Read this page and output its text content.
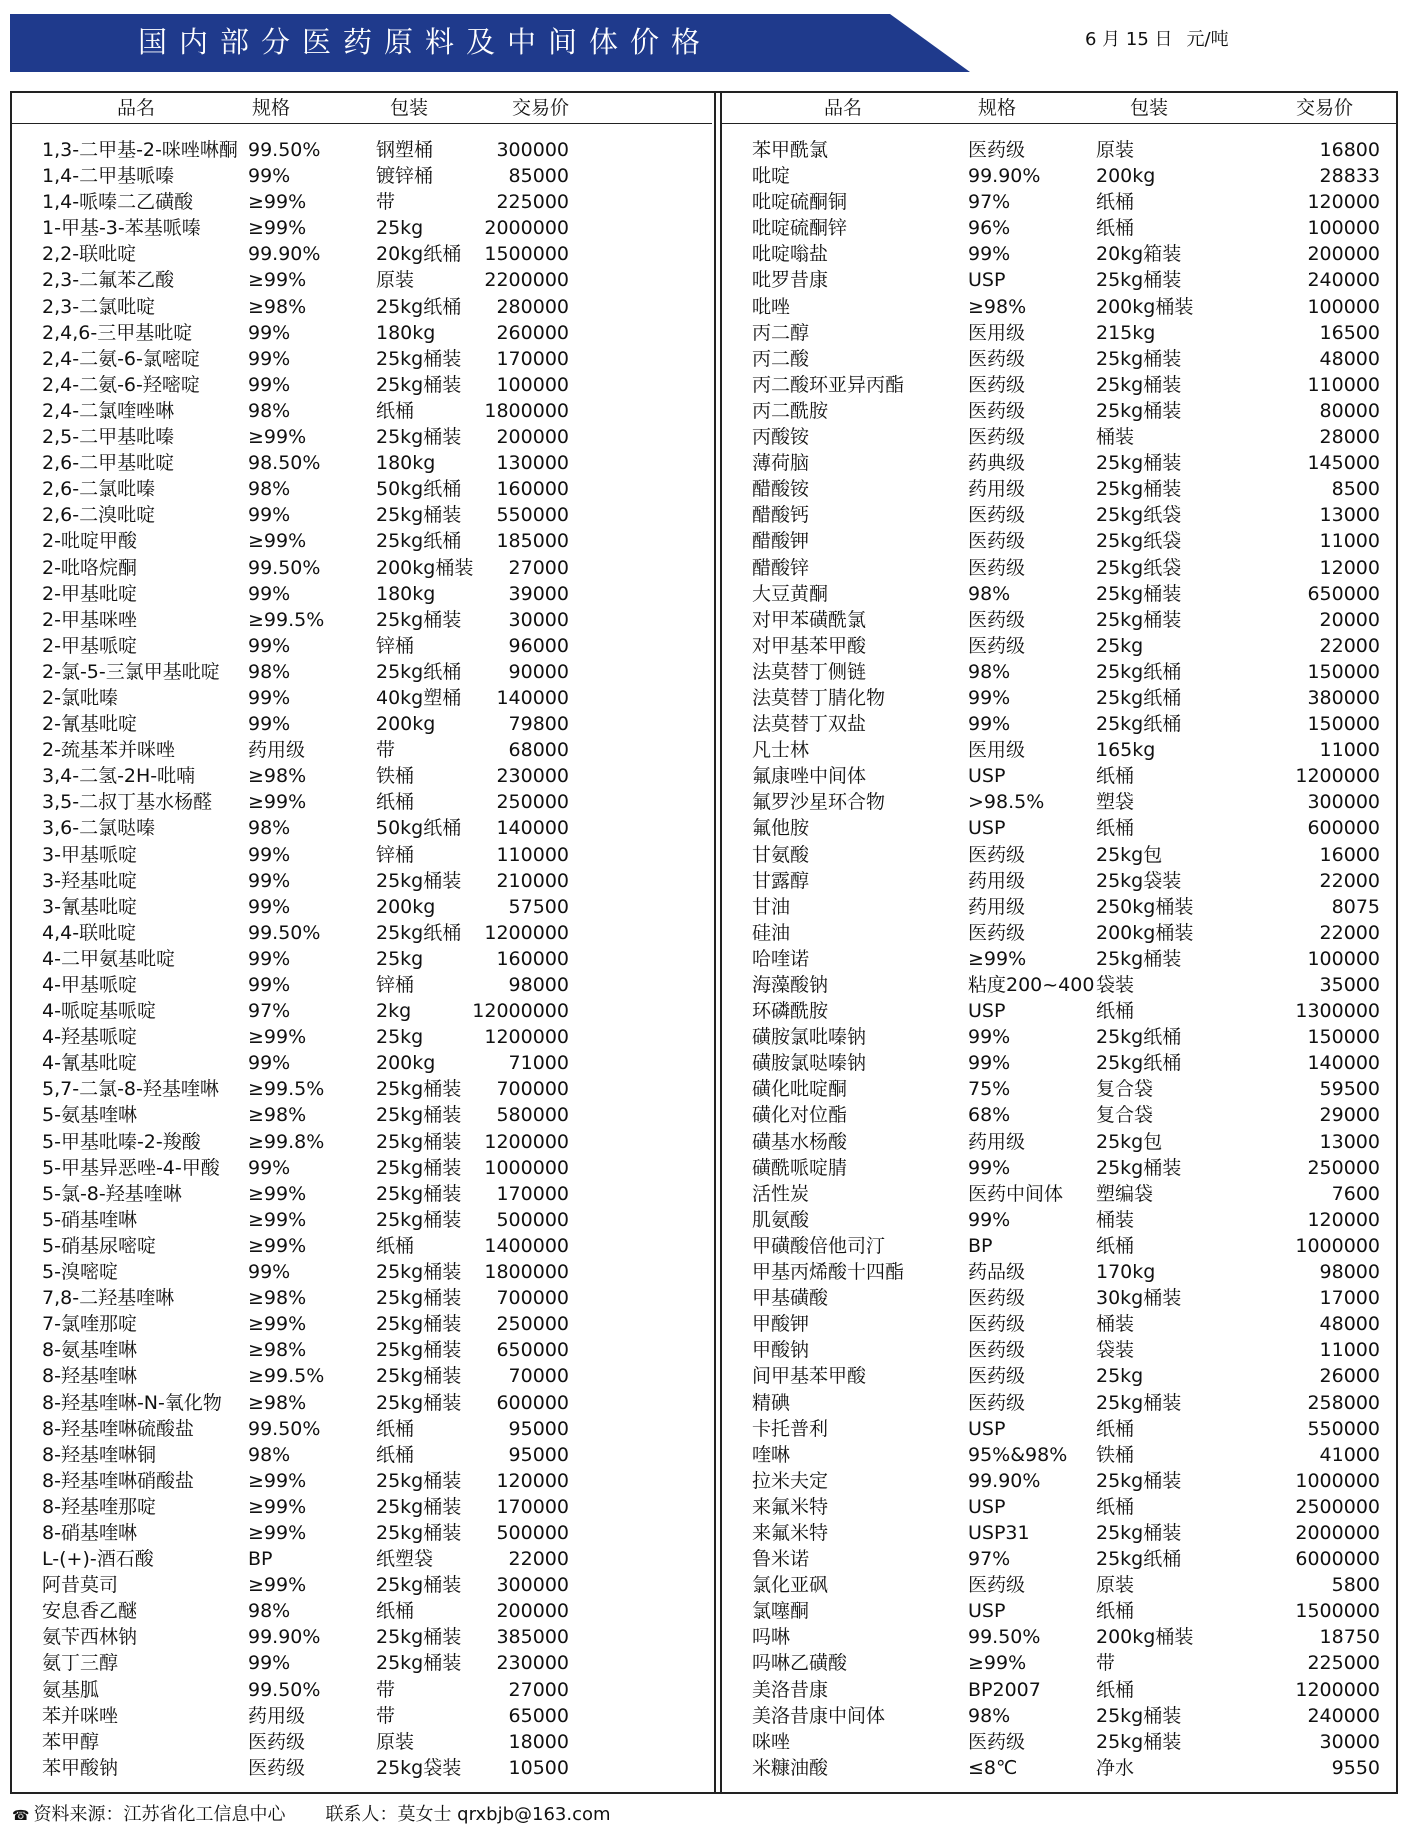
国内部分医药原料及中间体价格	6 月 15 日 元/吨
品名	规格	包装	交易价
1,3-二甲基-2-咪唑啉酮 99.50%	钢塑桶	300000
1,4-二甲基哌嗪	99%	镀锌桶	85000
1,4-哌嗪二乙磺酸	≥99%	带	225000
1-甲基-3-苯基哌嗪 ≥99%	25kg	2000000
2,2-联吡啶	99.90%	20kg纸桶 1500000
2,3-二氟苯乙酸	≥99%	原装	2200000
2,3-二氯吡啶	≥98%	25kg纸桶 280000
2,4,6-三甲基吡啶	99%	180kg	260000
2,4-二氨-6-氯嘧啶	99%	25kg桶装 170000
2,4-二氨-6-羟嘧啶	99%	25kg桶装 100000
2,4-二氯喹唑啉	98%	纸桶	1800000
2,5-二甲基吡嗪	≥99%	25kg桶装 200000
2,6-二甲基吡啶	98.50%	180kg	130000
2,6-二氯吡嗪	98%	50kg纸桶 160000
2,6-二溴吡啶	99%	25kg桶装 550000
2-吡啶甲酸	≥99%	25kg纸桶 185000
2-吡咯烷酮	99.50%	200kg桶装 27000
2-甲基吡啶	99%	180kg	39000
2-甲基咪唑	≥99.5%	25kg桶装 30000
2-甲基哌啶	99%	锌桶	96000
2-氯-5-三氯甲基吡啶 98%	25kg纸桶 90000
2-氯吡嗪	99%	40kg塑桶 140000
2-氰基吡啶	99%	200kg	79800
2-巯基苯并咪唑	药用级	带	68000
3,4-二氢-2H-吡喃	≥98%	铁桶	230000
3,5-二叔丁基水杨醛 ≥99%	纸桶	250000
3,6-二氯哒嗪	98%	50kg纸桶 140000
3-甲基哌啶	99%	锌桶	110000
3-羟基吡啶	99%	25kg桶装 210000
3-氰基吡啶	99%	200kg	57500
4,4-联吡啶	99.50%	25kg纸桶 1200000
4-二甲氨基吡啶	99%	25kg	160000
4-甲基哌啶	99%	锌桶	98000
4-哌啶基哌啶	97%	2kg	12000000
4-羟基哌啶	≥99%	25kg	1200000
4-氰基吡啶	99%	200kg	71000
5,7-二氯-8-羟基喹啉 ≥99.5%	25kg桶装 700000
5-氨基喹啉	≥98%	25kg桶装 580000
5-甲基吡嗪-2-羧酸 ≥99.8%	25kg桶装 1200000
5-甲基异恶唑-4-甲酸 99%	25kg桶装 1000000
5-氯-8-羟基喹啉	≥99%	25kg桶装 170000
5-硝基喹啉	≥99%	25kg桶装 500000
5-硝基尿嘧啶	≥99%	纸桶	1400000
5-溴嘧啶	99%	25kg桶装 1800000
7,8-二羟基喹啉	≥98%	25kg桶装 700000
7-氯喹那啶	≥99%	25kg桶装 250000
8-氨基喹啉	≥98%	25kg桶装 650000
8-羟基喹啉	≥99.5%	25kg桶装 70000
8-羟基喹啉-N-氧化物 ≥98%	25kg桶装 600000
8-羟基喹啉硫酸盐	99.50%	纸桶	95000
8-羟基喹啉铜	98%	纸桶	95000
8-羟基喹啉硝酸盐	≥99%	25kg桶装 120000
8-羟基喹那啶	≥99%	25kg桶装 170000
8-硝基喹啉	≥99%	25kg桶装 500000
L-(+)-酒石酸	BP	纸塑袋	22000
阿昔莫司	≥99%	25kg桶装 300000
安息香乙醚	98%	纸桶	200000
氨苄西林钠	99.90%	25kg桶装 385000
氨丁三醇	99%	25kg桶装 230000
氨基胍	99.50%	带	27000
苯并咪唑	药用级	带	65000
苯甲醇	医药级	原装	18000
苯甲酸钠	医药级	25kg袋装 10500
品名	规格	包装	交易价
苯甲酰氯	医药级	原装	16800
吡啶	99.90%	200kg	28833
吡啶硫酮铜	97%	纸桶	120000
吡啶硫酮锌	96%	纸桶	100000
吡啶嗡盐	99%	20kg箱装	200000
吡罗昔康	USP	25kg桶装	240000
吡唑	≥98%	200kg桶装	100000
丙二醇	医用级	215kg	16500
丙二酸	医药级	25kg桶装	48000
丙二酸环亚异丙酯	医药级	25kg桶装	110000
丙二酰胺	医药级	25kg桶装	80000
丙酸铵	医药级	桶装	28000
薄荷脑	药典级	25kg桶装	145000
醋酸铵	药用级	25kg桶装	8500
醋酸钙	医药级	25kg纸袋	13000
醋酸钾	医药级	25kg纸袋	11000
醋酸锌	医药级	25kg纸袋	12000
大豆黄酮	98%	25kg桶装	650000
对甲苯磺酰氯	医药级	25kg桶装	20000
对甲基苯甲酸	医药级	25kg	22000
法莫替丁侧链	98%	25kg纸桶	150000
法莫替丁腈化物	99%	25kg纸桶	380000
法莫替丁双盐	99%	25kg纸桶	150000
凡士林	医用级	165kg	11000
氟康唑中间体	USP	纸桶	1200000
氟罗沙星环合物	>98.5%	塑袋	300000
氟他胺	USP	纸桶	600000
甘氨酸	医药级	25kg包	16000
甘露醇	药用级	25kg袋装	22000
甘油	药用级	250kg桶装	8075
硅油	医药级	200kg桶装	22000
哈喹诺	≥99%	25kg桶装	100000
海藻酸钠	粘度200~400 袋装	35000
环磷酰胺	USP	纸桶	1300000
磺胺氯吡嗪钠	99%	25kg纸桶	150000
磺胺氯哒嗪钠	99%	25kg纸桶	140000
磺化吡啶酮	75%	复合袋	59500
磺化对位酯	68%	复合袋	29000
磺基水杨酸	药用级	25kg包	13000
磺酰哌啶腈	99%	25kg桶装	250000
活性炭	医药中间体 塑编袋	7600
肌氨酸	99%	桶装	120000
甲磺酸倍他司汀	BP	纸桶	1000000
甲基丙烯酸十四酯	药品级	170kg	98000
甲基磺酸	医药级	30kg桶装	17000
甲酸钾	医药级	桶装	48000
甲酸钠	医药级	袋装	11000
间甲基苯甲酸	医药级	25kg	26000
精碘	医药级	25kg桶装	258000
卡托普利	USP	纸桶	550000
喹啉	95%&98% 铁桶	41000
拉米夫定	99.90%	25kg桶装	1000000
来氟米特	USP	纸桶	2500000
来氟米特	USP31	25kg桶装	2000000
鲁米诺	97%	25kg纸桶	6000000
氯化亚砜	医药级	原装	5800
氯噻酮	USP	纸桶	1500000
吗啉	99.50%	200kg桶装	18750
吗啉乙磺酸	≥99%	带	225000
美洛昔康	BP2007	纸桶	1200000
美洛昔康中间体	98%	25kg桶装	240000
咪唑	医药级	25kg桶装	30000
米糠油酸	≤8℃	净水	9550
☎ 资料来源：江苏省化工信息中心 联系人：莫女士 qrxbjb@163.com
